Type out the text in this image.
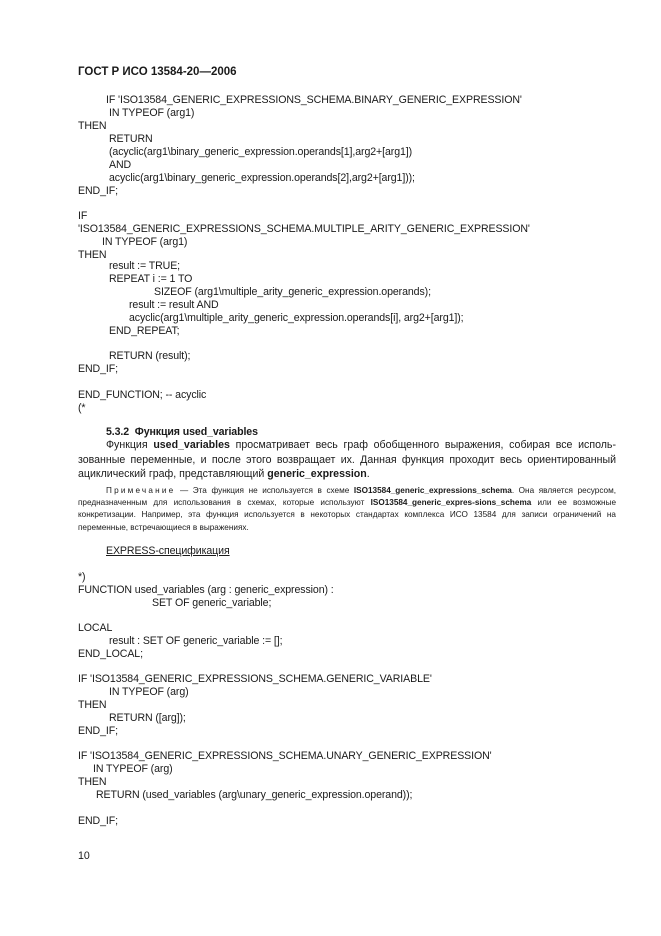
ГОСТ Р ИСО 13584-20—2006
IF 'ISO13584_GENERIC_EXPRESSIONS_SCHEMA.BINARY_GENERIC_EXPRESSION'
IN TYPEOF (arg1)
THEN
RETURN
(acyclic(arg1\binary_generic_expression.operands[1],arg2+[arg1])
AND
acyclic(arg1\binary_generic_expression.operands[2],arg2+[arg1]));
END_IF;
IF
'ISO13584_GENERIC_EXPRESSIONS_SCHEMA.MULTIPLE_ARITY_GENERIC_EXPRESSION'
IN TYPEOF (arg1)
THEN
result := TRUE;
REPEAT i := 1 TO
SIZEOF (arg1\multiple_arity_generic_expression.operands);
result := result AND
acyclic(arg1\multiple_arity_generic_expression.operands[i], arg2+[arg1]);
END_REPEAT;
RETURN (result);
END_IF;
END_FUNCTION; -- acyclic
(*
5.3.2 Функция used_variables
Функция used_variables просматривает весь граф обобщенного выражения, собирая все исполь-зованные переменные, и после этого возвращает их. Данная функция проходит весь ориентированный ациклический граф, представляющий generic_expression.
Примечание — Эта функция не используется в схеме ISO13584_generic_expressions_schema. Она является ресурсом, предназначенным для использования в схемах, которые используют ISO13584_generic_expres-sions_schema или ее возможные конкретизации. Например, эта функция используется в некоторых стандартах комплекса ИСО 13584 для записи ограничений на переменные, встречающиеся в выражениях.
EXPRESS-спецификация
*)
FUNCTION used_variables (arg : generic_expression) :
SET OF generic_variable;
LOCAL
result : SET OF generic_variable := [];
END_LOCAL;
IF 'ISO13584_GENERIC_EXPRESSIONS_SCHEMA.GENERIC_VARIABLE'
IN TYPEOF (arg)
THEN
RETURN ([arg]);
END_IF;
IF 'ISO13584_GENERIC_EXPRESSIONS_SCHEMA.UNARY_GENERIC_EXPRESSION'
IN TYPEOF (arg)
THEN
RETURN (used_variables (arg\unary_generic_expression.operand));
END_IF;
10
